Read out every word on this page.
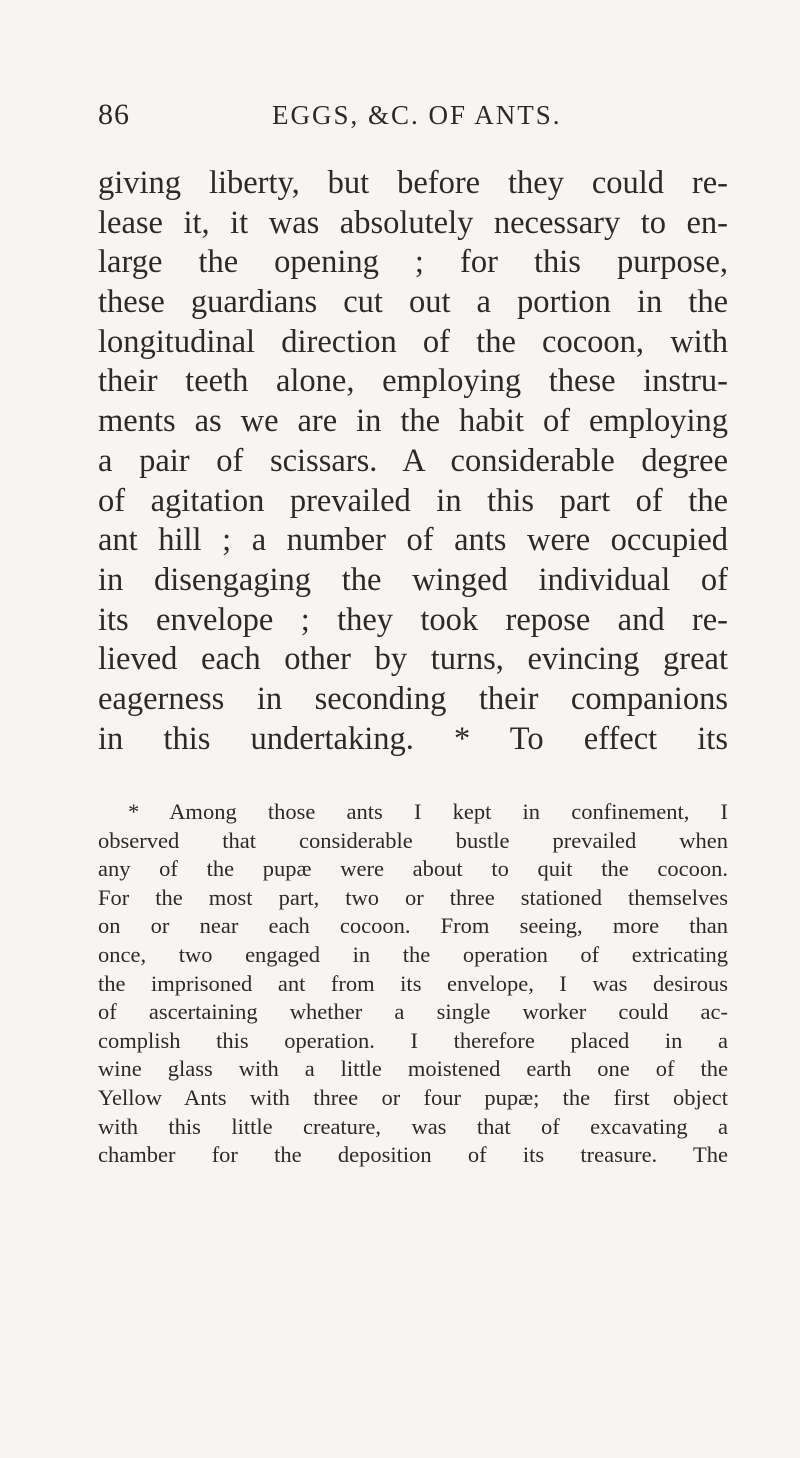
86	EGGS, &C. OF ANTS.
giving liberty, but before they could re-
lease it, it was absolutely necessary to en-
large the opening ; for this purpose,
these guardians cut out a portion in the
longitudinal direction of the cocoon, with
their teeth alone, employing these instru-
ments as we are in the habit of employing
a pair of scissars. A considerable degree
of agitation prevailed in this part of the
ant hill ; a number of ants were occupied
in disengaging the winged individual of
its envelope ; they took repose and re-
lieved each other by turns, evincing great
eagerness in seconding their companions
in this undertaking. * To effect its
* Among those ants I kept in confinement, I
observed that considerable bustle prevailed when
any of the pupæ were about to quit the cocoon.
For the most part, two or three stationed themselves
on or near each cocoon. From seeing, more than
once, two engaged in the operation of extricating
the imprisoned ant from its envelope, I was desirous
of ascertaining whether a single worker could ac-
complish this operation. I therefore placed in a
wine glass with a little moistened earth one of the
Yellow Ants with three or four pupæ; the first object
with this little creature, was that of excavating a
chamber for the deposition of its treasure. The
